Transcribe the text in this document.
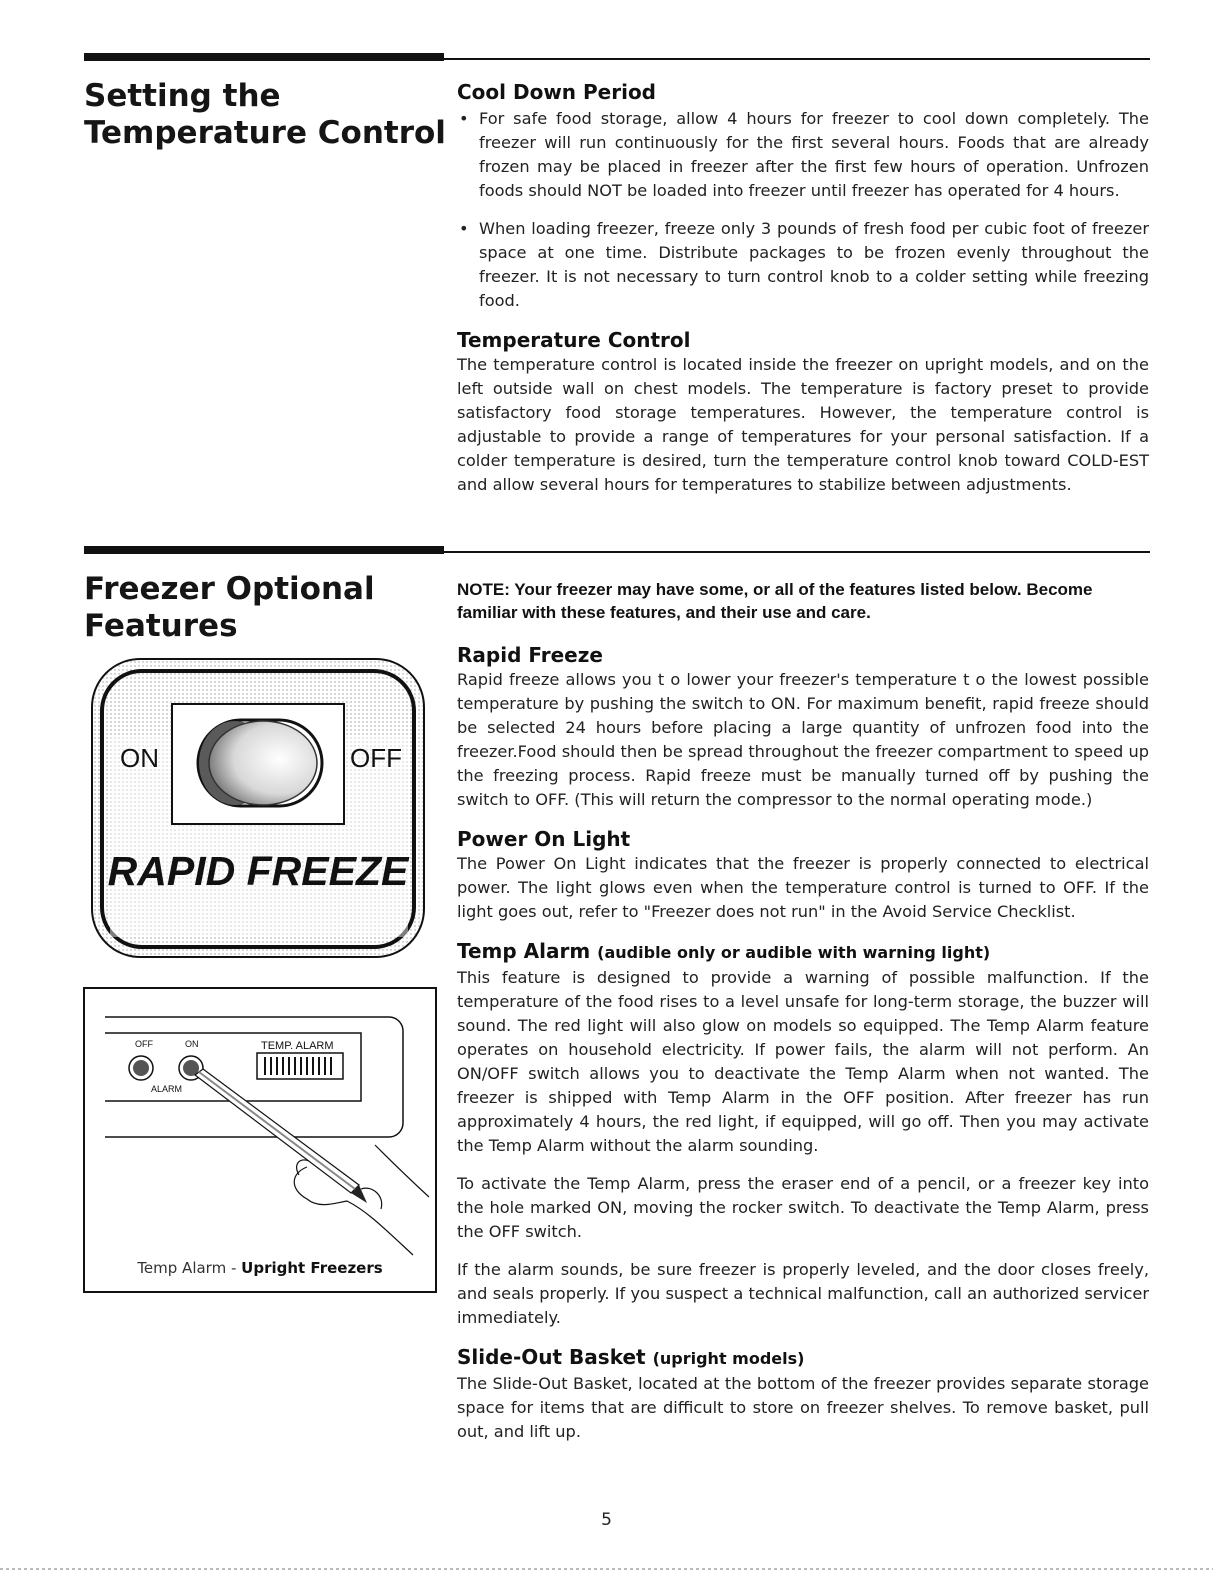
Setting the
Temperature Control
Cool Down Period
• For safe food storage, allow 4 hours for freezer to cool down completely. The freezer will run continuously for the first several hours. Foods that are already frozen may be placed in freezer after the first few hours of operation. Unfrozen foods should NOT be loaded into freezer until freezer has operated for 4 hours.
• When loading freezer, freeze only 3 pounds of fresh food per cubic foot of freezer space at one time. Distribute packages to be frozen evenly throughout the freezer. It is not necessary to turn control knob to a colder setting while freezing food.
Temperature Control

The temperature control is located inside the freezer on upright models, and on the left outside wall on chest models. The temperature is factory preset to provide satisfactory food storage temperatures. However, the temperature control is adjustable to provide a range of temperatures for your personal satisfaction. If a colder temperature is desired, turn the temperature control knob toward COLD-EST and allow several hours for temperatures to stabilize between adjustments.

Freezer Optional
Features
ON	OFF
RAPID FREEZE
OFF	ON	TEMP. ALARM
ALARM
Temp Alarm - Upright Freezers

NOTE: Your freezer may have some, or all of the features listed below. Become familiar with these features, and their use and care.

Rapid Freeze

Rapid freeze allows you t o lower your freezer's temperature t o the lowest possible temperature by pushing the switch to ON. For maximum benefit, rapid freeze should be selected 24 hours before placing a large quantity of unfrozen food into the freezer.Food should then be spread throughout the freezer compartment to speed up the freezing process. Rapid freeze must be manually turned off by pushing the switch to OFF. (This will return the compressor to the normal operating mode.)

Power On Light

The Power On Light indicates that the freezer is properly connected to electrical power. The light glows even when the temperature control is turned to OFF. If the light goes out, refer to "Freezer does not run" in the Avoid Service Checklist.

Temp Alarm (audible only or audible with warning light)

This feature is designed to provide a warning of possible malfunction. If the temperature of the food rises to a level unsafe for long-term storage, the buzzer will sound. The red light will also glow on models so equipped. The Temp Alarm feature operates on household electricity. If power fails, the alarm will not perform. An ON/OFF switch allows you to deactivate the Temp Alarm when not wanted. The freezer is shipped with Temp Alarm in the OFF position. After freezer has run approximately 4 hours, the red light, if equipped, will go off. Then you may activate the Temp Alarm without the alarm sounding.

To activate the Temp Alarm, press the eraser end of a pencil, or a freezer key into the hole marked ON, moving the rocker switch. To deactivate the Temp Alarm, press the OFF switch.

If the alarm sounds, be sure freezer is properly leveled, and the door closes freely, and seals properly. If you suspect a technical malfunction, call an authorized servicer immediately.

Slide-Out Basket (upright models)

The Slide-Out Basket, located at the bottom of the freezer provides separate storage space for items that are difficult to store on freezer shelves. To remove basket, pull out, and lift up.

5
